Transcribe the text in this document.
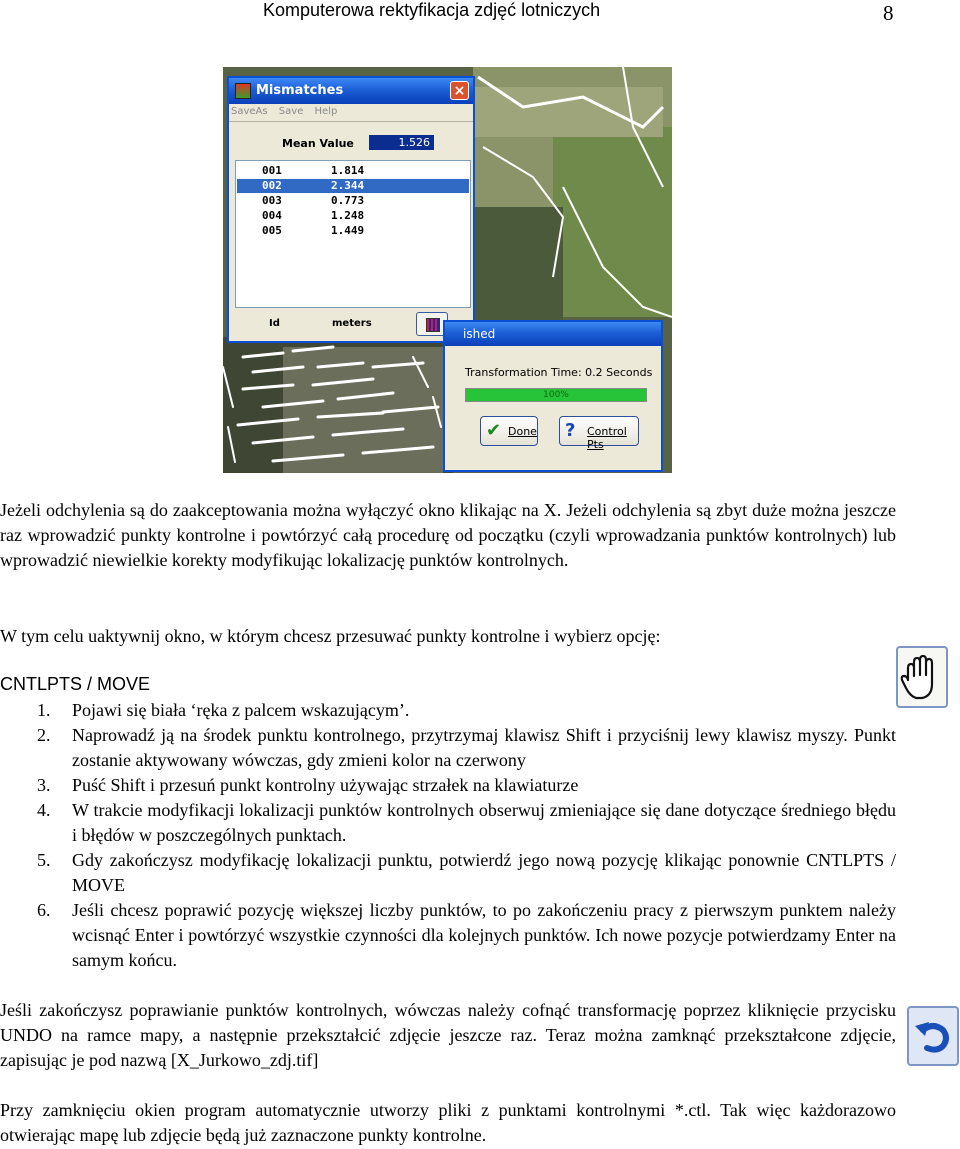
Komputerowa rektyfikacja zdjęć lotniczych	8
Mismatches	×
SaveAs Save Help
Mean Value	1.526
001	1.814
002	2.344
003	0.773
004	1.248
005	1.449
Id	meters
ished
Transformation Time: 0.2 Seconds
100%
✔ Done ? Control Pts

Jeżeli odchylenia są do zaakceptowania można wyłączyć okno klikając na X. Jeżeli odchylenia są zbyt duże można jeszcze raz wprowadzić punkty kontrolne i powtórzyć całą procedurę od początku (czyli wprowadzania punktów kontrolnych) lub wprowadzić niewielkie korekty modyfikując lokalizację punktów kontrolnych.

W tym celu uaktywnij okno, w którym chcesz przesuwać punkty kontrolne i wybierz opcję:

CNTLPTS / MOVE
1. Pojawi się biała ‘ręka z palcem wskazującym’.
2. Naprowadź ją na środek punktu kontrolnego, przytrzymaj klawisz Shift i przyciśnij lewy klawisz myszy. Punkt zostanie aktywowany wówczas, gdy zmieni kolor na czerwony
3. Puść Shift i przesuń punkt kontrolny używając strzałek na klawiaturze
4. W trakcie modyfikacji lokalizacji punktów kontrolnych obserwuj zmieniające się dane dotyczące średniego błędu i błędów w poszczególnych punktach.
5. Gdy zakończysz modyfikację lokalizacji punktu, potwierdź jego nową pozycję klikając ponownie CNTLPTS / MOVE
6. Jeśli chcesz poprawić pozycję większej liczby punktów, to po zakończeniu pracy z pierwszym punktem należy wcisnąć Enter i powtórzyć wszystkie czynności dla kolejnych punktów. Ich nowe pozycje potwierdzamy Enter na samym końcu.

Jeśli zakończysz poprawianie punktów kontrolnych, wówczas należy cofnąć transformację poprzez kliknięcie przycisku UNDO na ramce mapy, a następnie przekształcić zdjęcie jeszcze raz. Teraz można zamknąć przekształcone zdjęcie, zapisując je pod nazwą [X_Jurkowo_zdj.tif]

Przy zamknięciu okien program automatycznie utworzy pliki z punktami kontrolnymi *.ctl. Tak więc każdorazowo otwierając mapę lub zdjęcie będą już zaznaczone punkty kontrolne.
